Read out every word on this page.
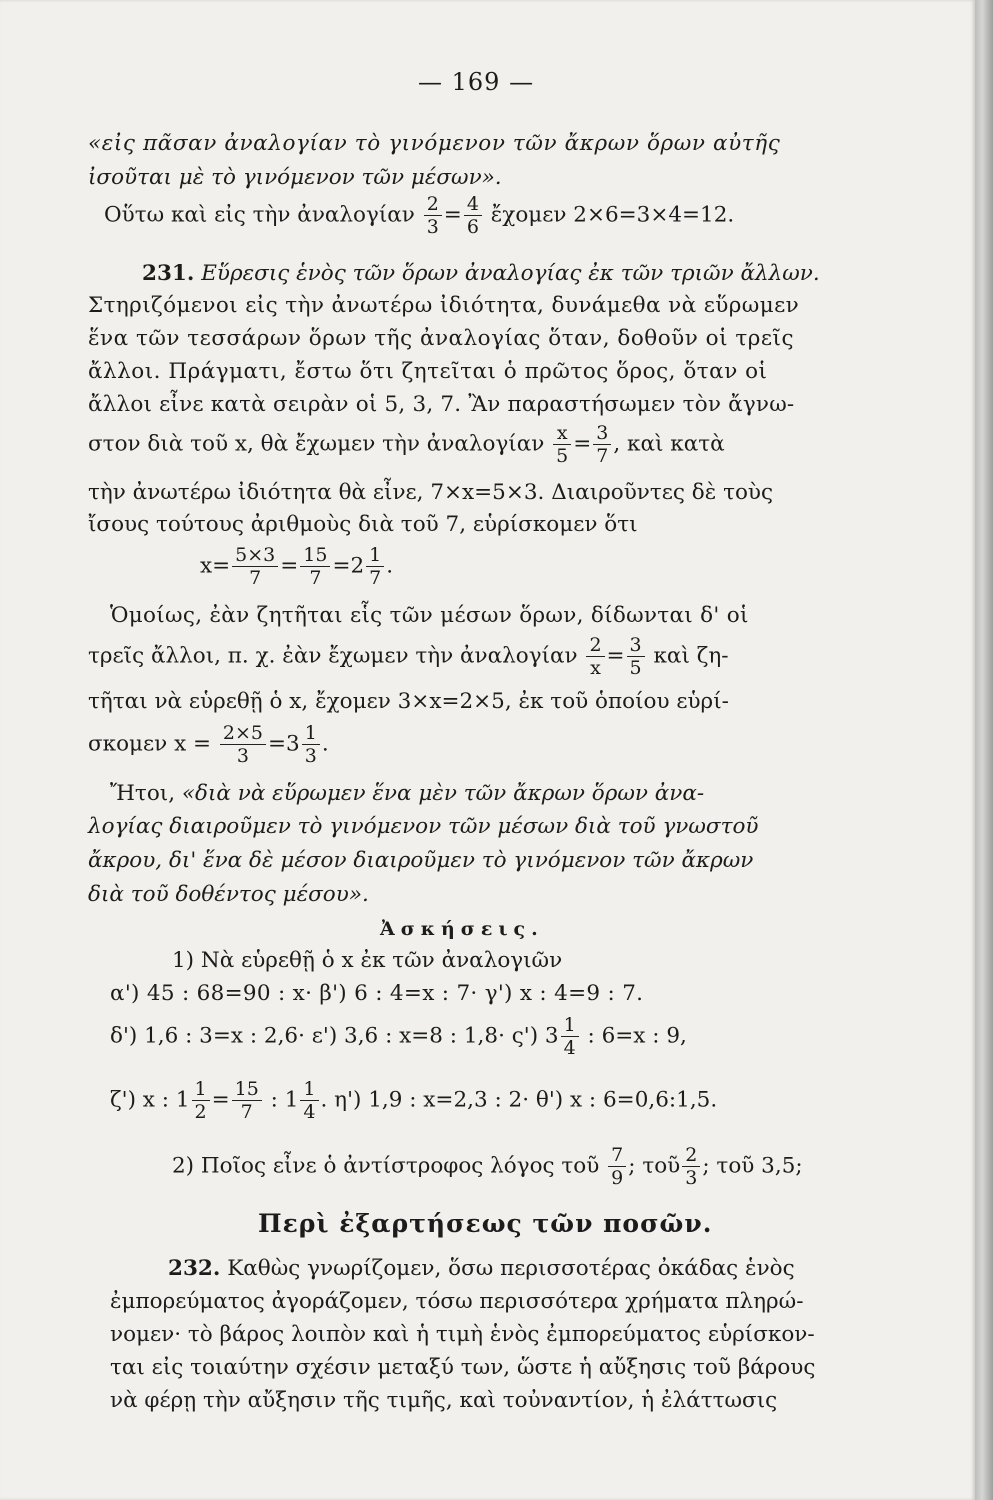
— 169 —
«εἰς πᾶσαν ἀναλογίαν τὸ γινόμενον τῶν ἄκρων ὅρων αὐτῆς
ἰσοῦται μὲ τὸ γινόμενον τῶν μέσων».
Οὕτω καὶ εἰς τὴν ἀναλογίαν $\frac{2}{3} = \frac{4}{6}$ ἔχομεν 2×6=3×4=12.
231. Εὕρεσις ἑνὸς τῶν ὅρων ἀναλογίας ἐκ τῶν τριῶν ἄλλων.
Στηριζόμενοι εἰς τὴν ἀνωτέρω ἰδιότητα, δυνάμεθα νὰ εὕρωμεν
ἕνα τῶν τεσσάρων ὅρων τῆς ἀναλογίας ὅταν, δοθοῦν οἱ τρεῖς
ἄλλοι. Πράγματι, ἔστω ὅτι ζητεῖται ὁ πρῶτος ὅρος, ὅταν οἱ
ἄλλοι εἶνε κατὰ σειρὰν οἱ 5, 3, 7. Ἂν παραστήσωμεν τὸν ἄγνω-
στον διὰ τοῦ x, θὰ ἔχωμεν τὴν ἀναλογίαν $\frac{x}{5} = \frac{3}{7}$ , καὶ κατὰ
τὴν ἀνωτέρω ἰδιότητα θὰ εἶνε, 7×x=5×3. Διαιροῦντες δὲ τοὺς
ἴσους τούτους ἀριθμοὺς διὰ τοῦ 7, εὑρίσκομεν ὅτι
$x= \frac{5\times 3}{7} = \frac{15}{7} =2 \frac{1}{7}$ .
Ὁμοίως, ἐὰν ζητῆται εἷς τῶν μέσων ὅρων, δίδωνται δ' οἱ
τρεῖς ἄλλοι, π. χ. ἐὰν ἔχωμεν τὴν ἀναλογίαν $\frac{2}{x} = \frac{3}{5}$ καὶ ζη-
τῆται νὰ εὑρεθῇ ὁ x, ἔχομεν 3×x=2×5, ἐκ τοῦ ὁποίου εὑρί-
σκομεν $x = \frac{2\times 5}{3} =3 \frac{1}{3}$ .
Ἤτοι, «διὰ νὰ εὕρωμεν ἕνα μὲν τῶν ἄκρων ὅρων ἀνα-
λογίας διαιροῦμεν τὸ γινόμενον τῶν μέσων διὰ τοῦ γνωστοῦ
ἄκρου, δι' ἕνα δὲ μέσον διαιροῦμεν τὸ γινόμενον τῶν ἄκρων
διὰ τοῦ δοθέντος μέσου».
Ἀσκήσεις.
1) Νὰ εὑρεθῇ ὁ x ἐκ τῶν ἀναλογιῶν
α') 45 : 68=90 : x· β') 6 : 4=x : 7· γ') x : 4=9 : 7.
δ') 1,6 : 3=x : 2,6· ε') 3,6 : x=8 : 1,8· ς') $3 \frac{1}{4}$ : 6=x : 9,
ζ') x : $1 \frac{1}{2} = \frac{15}{7}$ : $1 \frac{1}{4}$ . η') 1,9 : x=2,3 : 2· θ') x : 6=0,6:1,5.
2) Ποῖος εἶνε ὁ ἀντίστροφος λόγος τοῦ $\frac{7}{9}$ ; τοῦ $\frac{2}{3}$ ; τοῦ 3,5;
Περὶ ἐξαρτήσεως τῶν ποσῶν.
232. Καθὼς γνωρίζομεν, ὅσω περισσοτέρας ὀκάδας ἑνὸς
ἐμπορεύματος ἀγοράζομεν, τόσω περισσότερα χρήματα πληρώ-
νομεν· τὸ βάρος λοιπὸν καὶ ἡ τιμὴ ἑνὸς ἐμπορεύματος εὑρίσκον-
ται εἰς τοιαύτην σχέσιν μεταξύ των, ὥστε ἡ αὔξησις τοῦ βάρους
νὰ φέρῃ τὴν αὔξησιν τῆς τιμῆς, καὶ τοὐναντίον, ἡ ἐλάττωσις
